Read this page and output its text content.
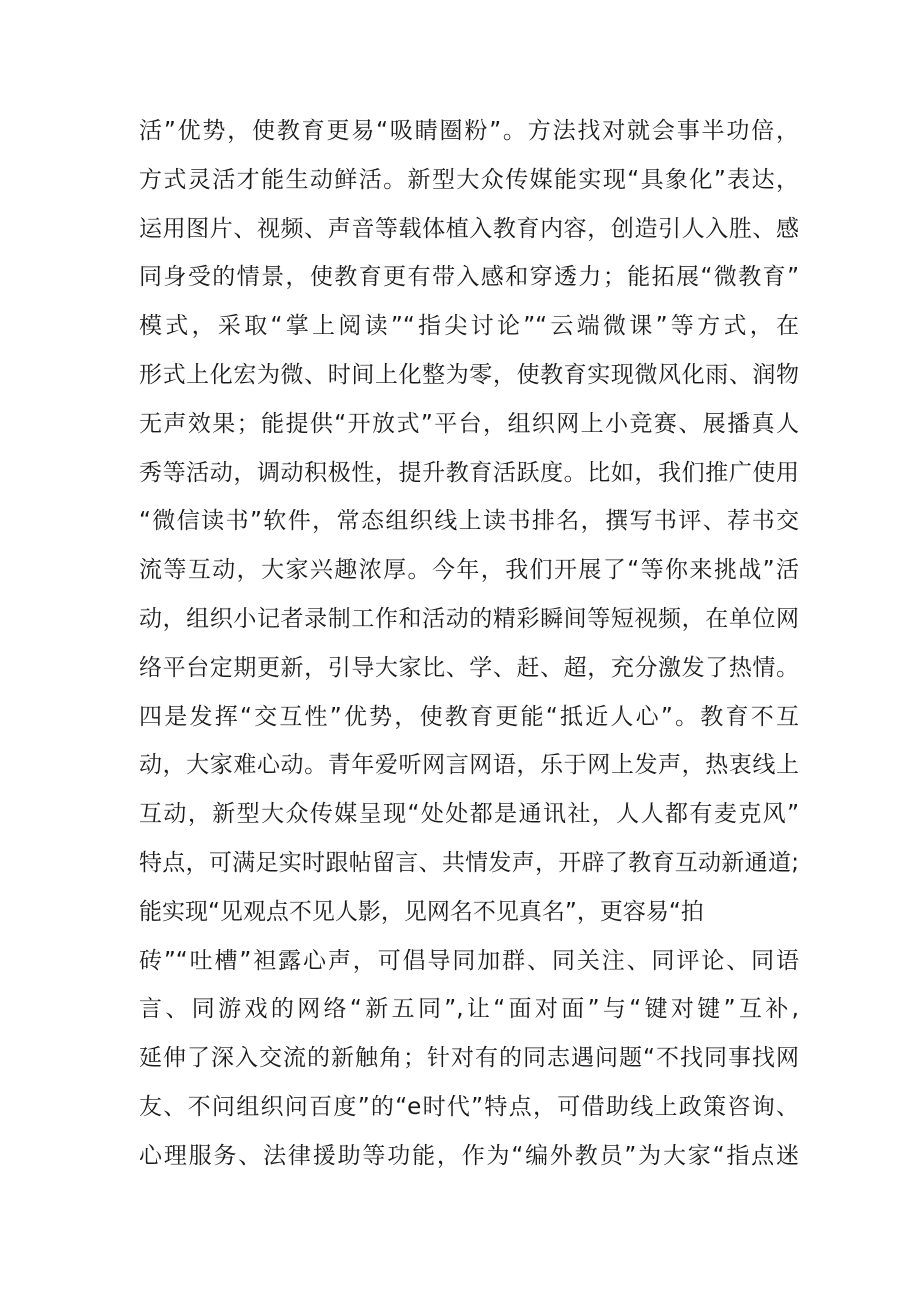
活”优势，使教育更易“吸睛圈粉”。方法找对就会事半功倍，
方式灵活才能生动鲜活。新型大众传媒能实现“具象化”表达，
运用图片、视频、声音等载体植入教育内容，创造引人入胜、感
同身受的情景，使教育更有带入感和穿透力；能拓展“微教育”
模式，采取“掌上阅读”“指尖讨论”“云端微课”等方式，在
形式上化宏为微、时间上化整为零，使教育实现微风化雨、润物
无声效果；能提供“开放式”平台，组织网上小竞赛、展播真人
秀等活动，调动积极性，提升教育活跃度。比如，我们推广使用
“微信读书”软件，常态组织线上读书排名，撰写书评、荐书交
流等互动，大家兴趣浓厚。今年，我们开展了“等你来挑战”活
动，组织小记者录制工作和活动的精彩瞬间等短视频，在单位网
络平台定期更新，引导大家比、学、赶、超，充分激发了热情。
四是发挥“交互性”优势，使教育更能“抵近人心”。教育不互
动，大家难心动。青年爱听网言网语，乐于网上发声，热衷线上
互动，新型大众传媒呈现“处处都是通讯社，人人都有麦克风”
特点，可满足实时跟帖留言、共情发声，开辟了教育互动新通道;
能实现“见观点不见人影，见网名不见真名”，更容易“拍
砖”“吐槽”袒露心声，可倡导同加群、同关注、同评论、同语
言、同游戏的网络“新五同”,让“面对面”与“键对键”互补,
延伸了深入交流的新触角；针对有的同志遇问题“不找同事找网
友、不问组织问百度”的“e时代”特点，可借助线上政策咨询、
心理服务、法律援助等功能，作为“编外教员”为大家“指点迷
